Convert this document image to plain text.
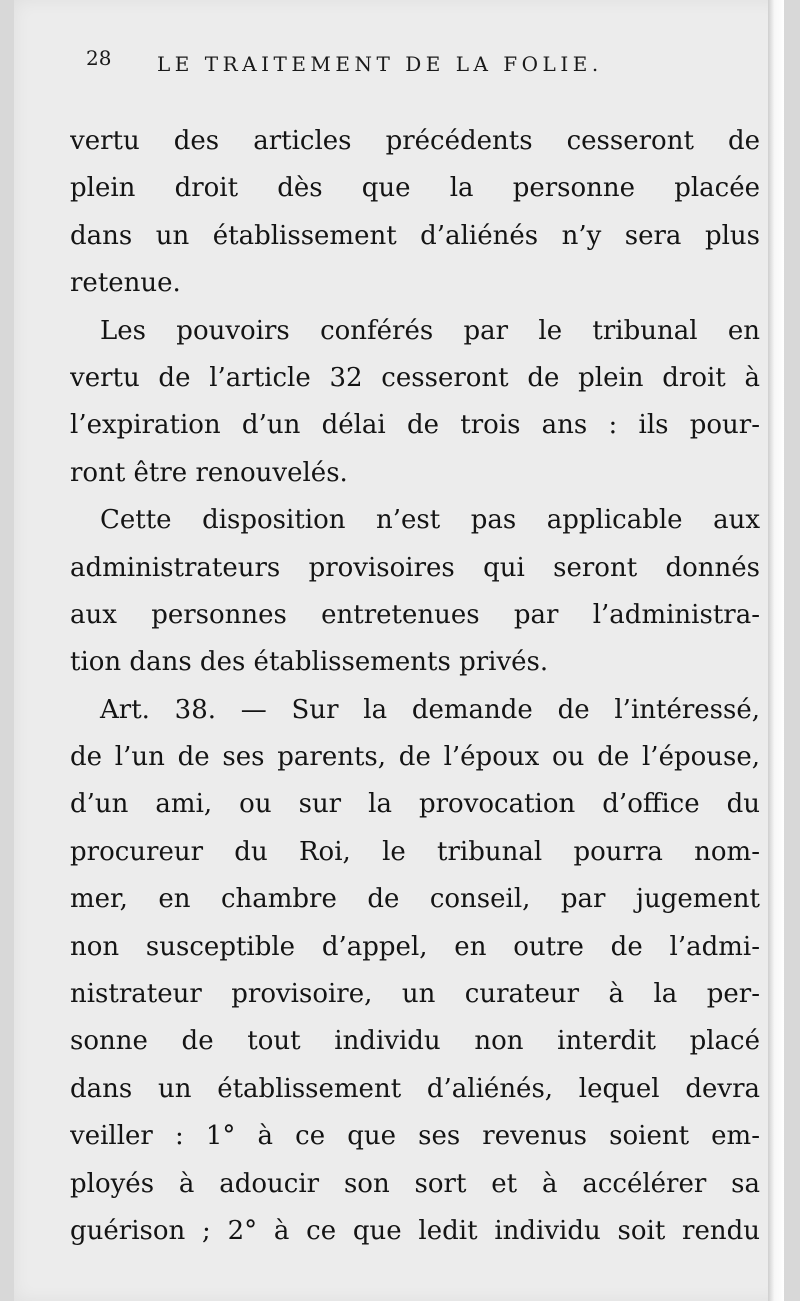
28 LE TRAITEMENT DE LA FOLIE.
vertu des articles précédents cesseront de
plein droit dès que la personne placée
dans un établissement d’aliénés n’y sera plus
retenue.
Les pouvoirs conférés par le tribunal en
vertu de l’article 32 cesseront de plein droit à
l’expiration d’un délai de trois ans : ils pour-
ront être renouvelés.
Cette disposition n’est pas applicable aux
administrateurs provisoires qui seront donnés
aux personnes entretenues par l’administra-
tion dans des établissements privés.
Art. 38. — Sur la demande de l’intéressé,
de l’un de ses parents, de l’époux ou de l’épouse,
d’un ami, ou sur la provocation d’office du
procureur du Roi, le tribunal pourra nom-
mer, en chambre de conseil, par jugement
non susceptible d’appel, en outre de l’admi-
nistrateur provisoire, un curateur à la per-
sonne de tout individu non interdit placé
dans un établissement d’aliénés, lequel devra
veiller : 1° à ce que ses revenus soient em-
ployés à adoucir son sort et à accélérer sa
guérison ; 2° à ce que ledit individu soit rendu
